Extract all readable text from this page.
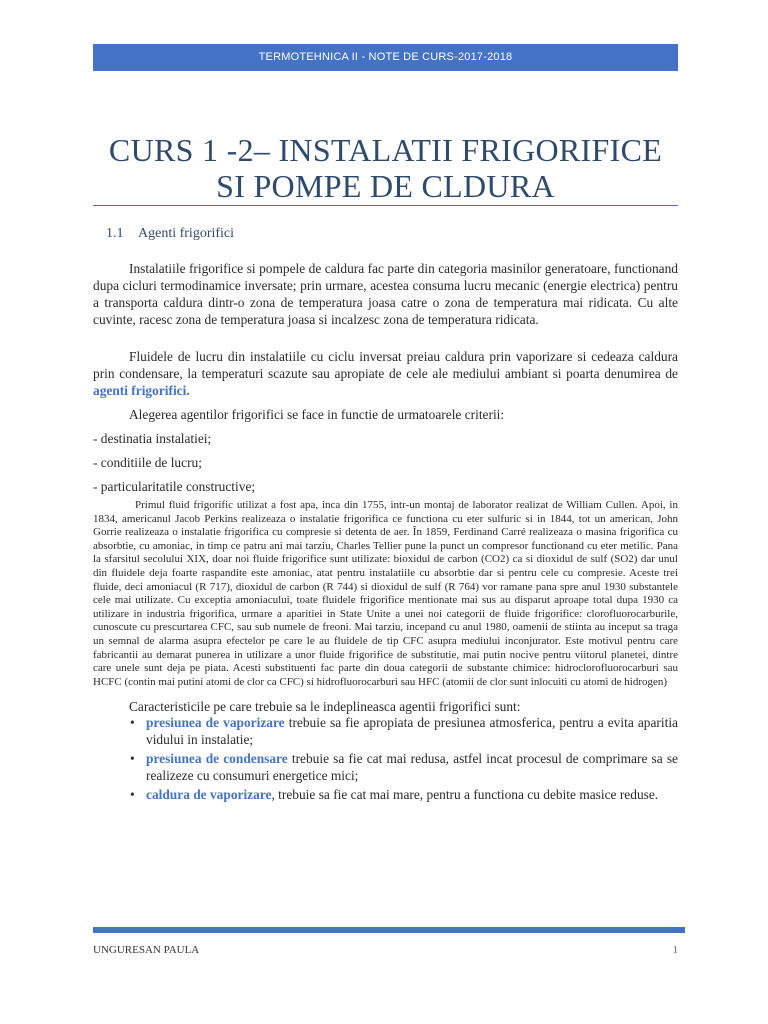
TERMOTEHNICA II - NOTE DE CURS-2017-2018
CURS 1 -2– INSTALATII FRIGORIFICE SI POMPE DE CLDURA
1.1 Agenti frigorifici
Instalatiile frigorifice si pompele de caldura fac parte din categoria masinilor generatoare, functionand dupa cicluri termodinamice inversate; prin urmare, acestea consuma lucru mecanic (energie electrica) pentru a transporta caldura dintr-o zona de temperatura joasa catre o zona de temperatura mai ridicata. Cu alte cuvinte, racesc zona de temperatura joasa si incalzesc zona de temperatura ridicata.
Fluidele de lucru din instalatiile cu ciclu inversat preiau caldura prin vaporizare si cedeaza caldura prin condensare, la temperaturi scazute sau apropiate de cele ale mediului ambiant si poarta denumirea de agenti frigorifici.
Alegerea agentilor frigorifici se face in functie de urmatoarele criterii:
- destinatia instalatiei;
- conditiile de lucru;
- particularitatile constructive;
Primul fluid frigorific utilizat a fost apa, inca din 1755, intr-un montaj de laborator realizat de William Cullen. Apoi, in 1834, americanul Jacob Perkins realizeaza o instalatie frigorifica ce functiona cu eter sulfuric si in 1844, tot un american, John Gorrie realizeaza o instalatie frigorifica cu compresie si detenta de aer. În 1859, Ferdinand Carré realizeaza o masina frigorifica cu absorbtie, cu amoniac, in timp ce patru ani mai tarziu, Charles Tellier pune la punct un compresor functionand cu eter metilic. Pana la sfarsitul secolului XIX, doar noi fluide frigorifice sunt utilizate: bioxidul de carbon (CO2) ca si dioxidul de sulf (SO2) dar unul din fluidele deja foarte raspandite este amoniac, atat pentru instalatiile cu absorbtie dar si pentru cele cu compresie. Aceste trei fluide, deci amoniacul (R 717), dioxidul de carbon (R 744) si dioxidul de sulf (R 764) vor ramane pana spre anul 1930 substantele cele mai utilizate. Cu exceptia amoniacului, toate fluidele frigorifice mentionate mai sus au disparut aproape total dupa 1930 ca utilizare in industria frigorifica, urmare a aparitiei in State Unite a unei noi categorii de fluide frigorifice: clorofluorocarburile, cunoscute cu prescurtarea CFC, sau sub numele de freoni. Mai tarziu, incepand cu anul 1980, oamenii de stiinta au inceput sa traga un semnal de alarma asupra efectelor pe care le au fluidele de tip CFC asupra mediului inconjurator. Este motivul pentru care fabricantii au demarat punerea in utilizare a unor fluide frigorifice de substitutie, mai putin nocive pentru viitorul planetei, dintre care unele sunt deja pe piata. Acesti substituenti fac parte din doua categorii de substante chimice: hidroclorofluorocarburi sau HCFC (contin mai putini atomi de clor ca CFC) si hidrofluorocarburi sau HFC (atomii de clor sunt inlocuiti cu atomi de hidrogen)
Caracteristicile pe care trebuie sa le indeplineasca agentii frigorifici sunt:
• presiunea de vaporizare trebuie sa fie apropiata de presiunea atmosferica, pentru a evita aparitia vidului in instalatie;
• presiunea de condensare trebuie sa fie cat mai redusa, astfel incat procesul de comprimare sa se realizeze cu consumuri energetice mici;
• caldura de vaporizare, trebuie sa fie cat mai mare, pentru a functiona cu debite masice reduse.
UNGURESAN PAULA	1
